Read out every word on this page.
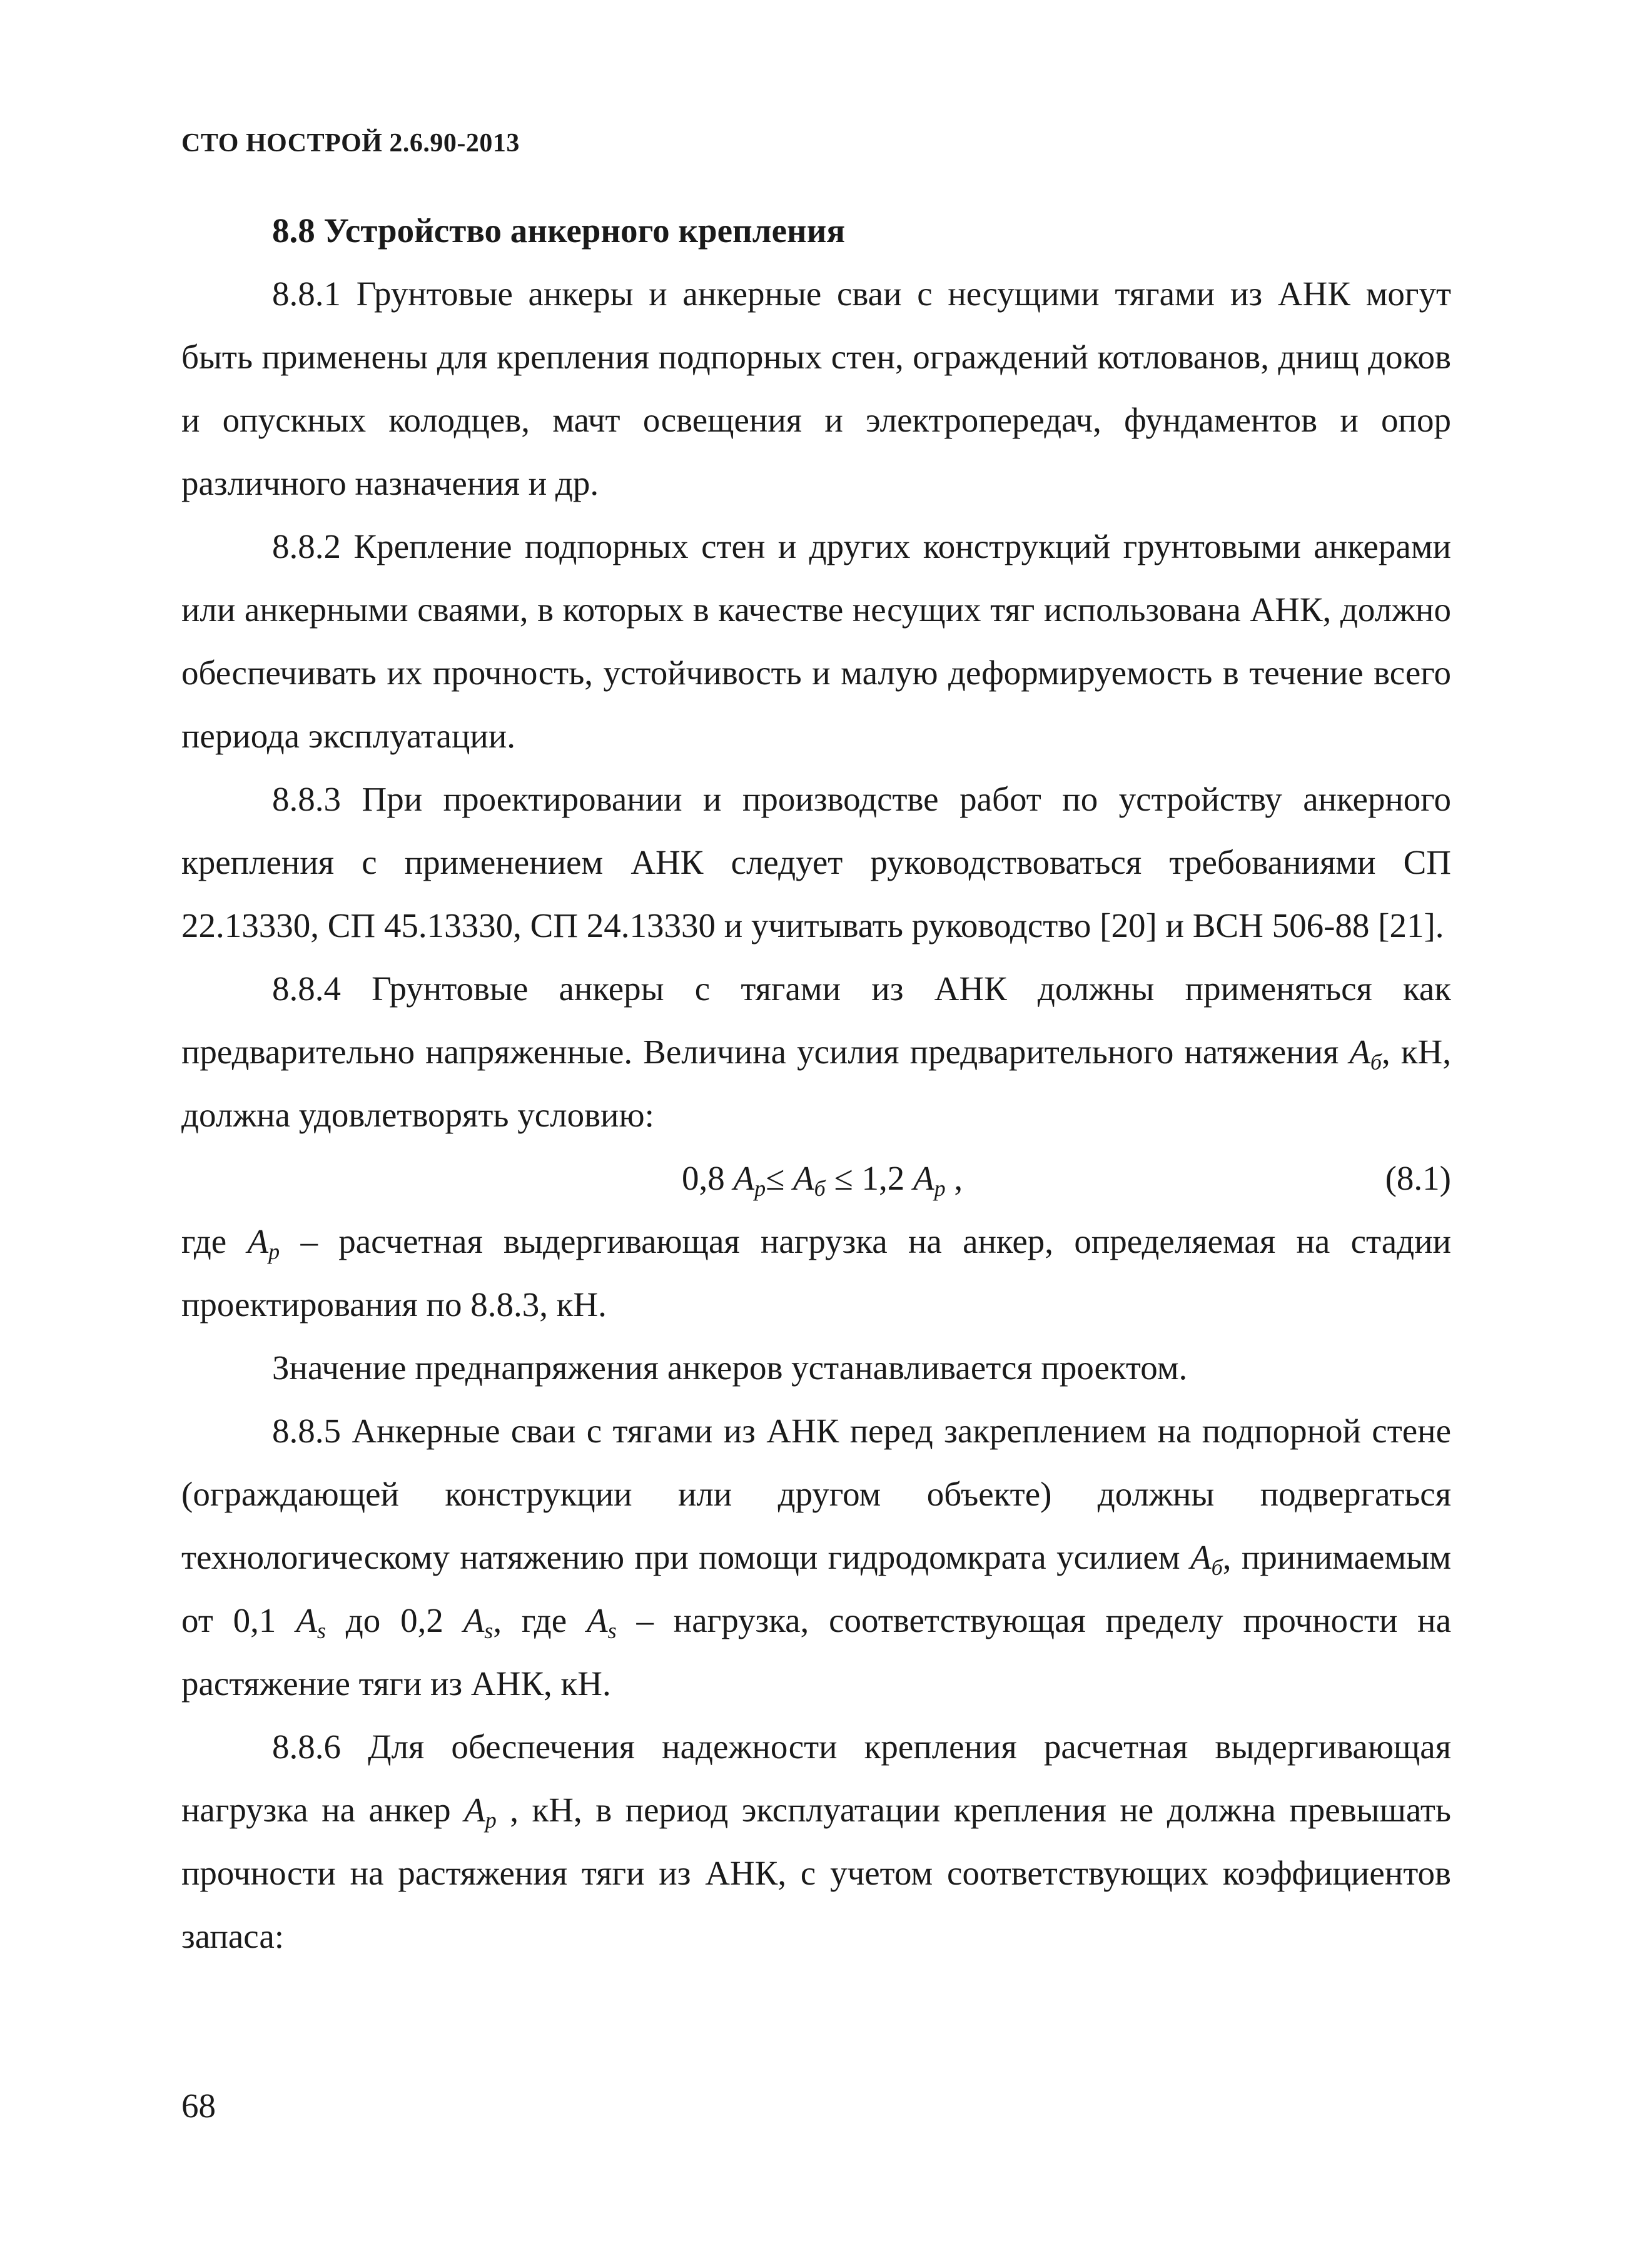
СТО НОСТРОЙ 2.6.90-2013

8.8 Устройство анкерного крепления

8.8.1 Грунтовые анкеры и анкерные сваи с несущими тягами из АНК могут быть применены для крепления подпорных стен, ограждений котлованов, днищ доков и опускных колодцев, мачт освещения и электропередач, фундаментов и опор различного назначения и др.

8.8.2 Крепление подпорных стен и других конструкций грунтовыми анкерами или анкерными сваями, в которых в качестве несущих тяг использована АНК, должно обеспечивать их прочность, устойчивость и малую деформируемость в течение всего периода эксплуатации.

8.8.3 При проектировании и производстве работ по устройству анкерного крепления с применением АНК следует руководствоваться требованиями СП 22.13330, СП 45.13330, СП 24.13330 и учитывать руководство [20] и ВСН 506-88 [21].

8.8.4 Грунтовые анкеры с тягами из АНК должны применяться как предварительно напряженные. Величина усилия предварительного натяжения $A_б$, кН, должна удовлетворять условию:

0,8 $A_р\le A_б \le 1,2$ $A_р$ ,	(8.1)

где $A_р$ – расчетная выдергивающая нагрузка на анкер, определяемая на стадии проектирования по 8.8.3, кН.

Значение преднапряжения анкеров устанавливается проектом.

8.8.5 Анкерные сваи с тягами из АНК перед закреплением на подпорной стене (ограждающей конструкции или другом объекте) должны подвергаться технологическому натяжению при помощи гидродомкрата усилием $A_б$, принимаемым от 0,1 $A_s$ до 0,2 $A_s$, где $A_s$ – нагрузка, соответствующая пределу прочности на растяжение тяги из АНК, кН.

8.8.6 Для обеспечения надежности крепления расчетная выдергивающая нагрузка на анкер $A_р$ , кН, в период эксплуатации крепления не должна превышать прочности на растяжения тяги из АНК, с учетом соответствующих коэффициентов запаса:

68
